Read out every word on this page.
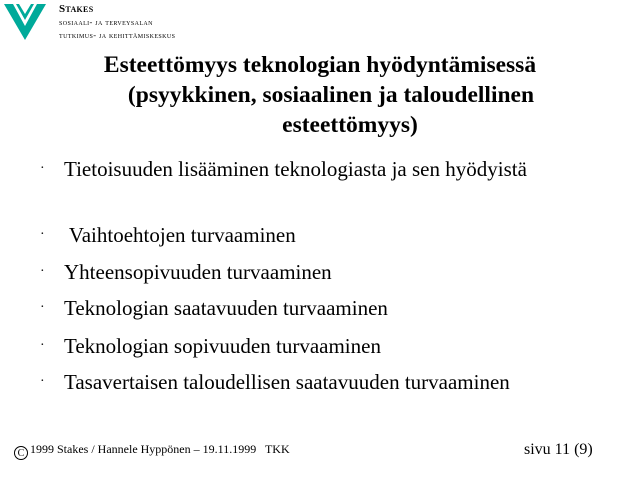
Stakes
sosiaali- ja terveysalan
tutkimus- ja kehittämiskeskus
Esteettömyys teknologian hyödyntämisessä
(psyykkinen, sosiaalinen ja taloudellinen
esteettömyys)
· Tietoisuuden lisääminen teknologiasta ja sen hyödyistä
· Vaihtoehtojen turvaaminen
· Yhteensopivuuden turvaaminen
· Teknologian saatavuuden turvaaminen
· Teknologian sopivuuden turvaaminen
· Tasavertaisen taloudellisen saatavuuden turvaaminen
C 1999 Stakes / Hannele Hyppönen – 19.11.1999   TKK	sivu 11 (9)
